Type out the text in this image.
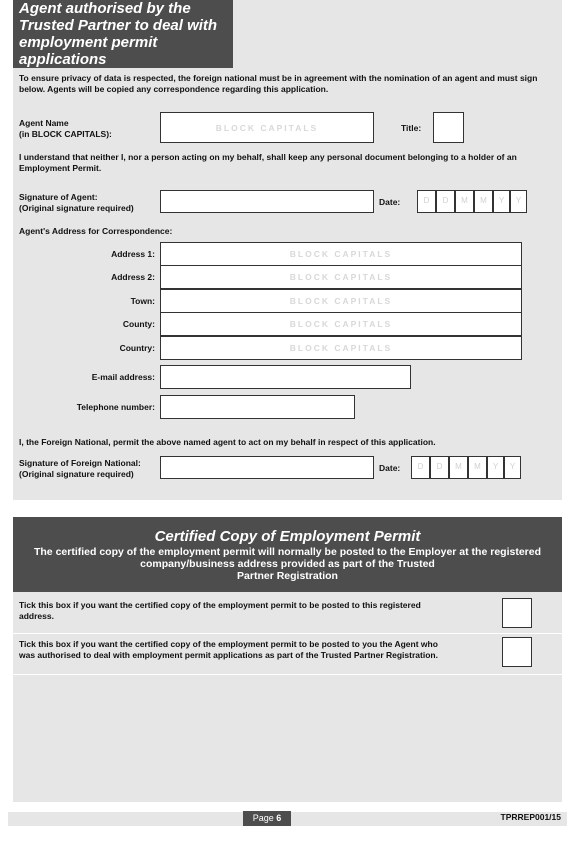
Agent authorised by the
Trusted Partner to deal with
employment permit
applications
To ensure privacy of data is respected, the foreign national must be in agreement with the nomination of an agent and must sign below. Agents will be copied any correspondence regarding this application.
Agent Name
(in BLOCK CAPITALS):
BLOCK CAPITALS	Title:
I understand that neither I, nor a person acting on my behalf, shall keep any personal document belonging to a holder of an Employment Permit.
Signature of Agent:
(Original signature required)
Date:	D	D	M	M	Y	Y
Agent's Address for Correspondence:
Address 1:	BLOCK CAPITALS
Address 2:	BLOCK CAPITALS
Town:	BLOCK CAPITALS
County:	BLOCK CAPITALS
Country:	BLOCK CAPITALS
E-mail address:
Telephone number:
I, the Foreign National, permit the above named agent to act on my behalf in respect of this application.
Signature of Foreign National:
(Original signature required)
Date:	D	D	M	M	Y	Y
Certified Copy of Employment Permit
The certified copy of the employment permit will normally be posted to the Employer at the registered
company/business address provided as part of the Trusted
Partner Registration
Tick this box if you want the certified copy of the employment permit to be posted to this registered
address.
Tick this box if you want the certified copy of the employment permit to be posted to you the Agent who
was authorised to deal with employment permit applications as part of the Trusted Partner Registration.
Page 6	TPRREP001/15
